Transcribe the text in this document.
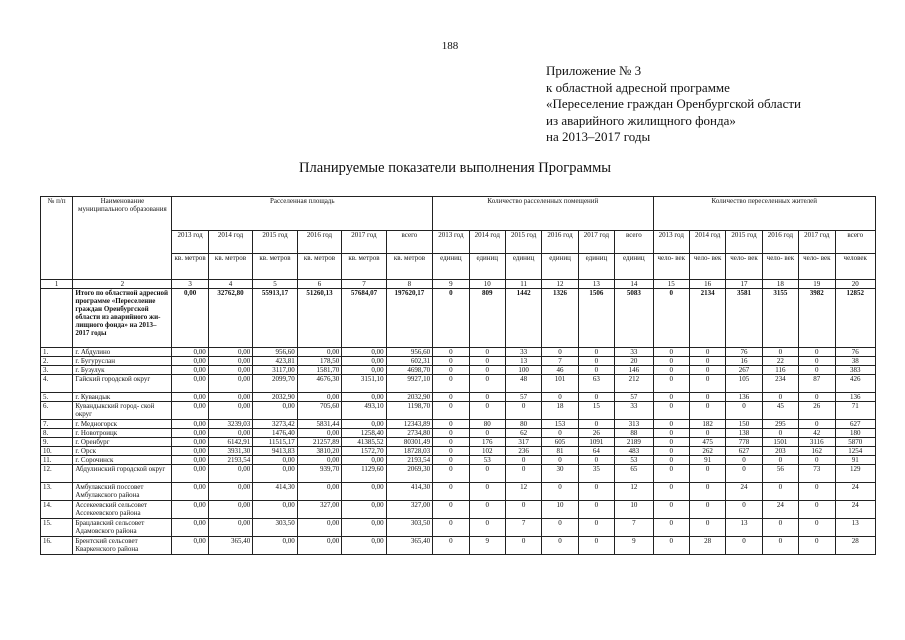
188
Приложение № 3
к областной адресной программе
«Переселение граждан Оренбургской области
из аварийного жилищного фонда»
на 2013–2017 годы
Планируемые показатели выполнения Программы
№ п/п	Наименование муниципального образования	Расселенная площадь						Количество расселенных помещений						Количество переселенных жителей					
		2013 год	2014 год	2015 год	2016 год	2017 год	всего	2013 год	2014 год	2015 год	2016 год	2017 год	всего	2013 год	2014 год	2015 год	2016 год	2017 год	всего
		кв. метров	кв. метров	кв. метров	кв. метров	кв. метров	кв. метров	единиц	единиц	единиц	единиц	единиц	единиц	чело- век	чело- век	чело- век	чело- век	чело- век	человек
1	2	3	4	5	6	7	8	9	10	11	12	13	14	15	16	17	18	19	20
	Итого по областной адресной программе «Переселение граждан Оренбургской области из аварийного жи- лищного фонда» на 2013–2017 годы	0,00	32762,80	55913,17	51260,13	57684,07	197620,17	0	809	1442	1326	1506	5083	0	2134	3581	3155	3982	12852
1.	г. Абдулино	0,00	0,00	956,60	0,00	0,00	956,60	0	0	33	0	0	33	0	0	76	0	0	76
2.	г. Бугуруслан	0,00	0,00	423,81	178,50	0,00	602,31	0	0	13	7	0	20	0	0	16	22	0	38
3.	г. Бузулук	0,00	0,00	3117,00	1581,70	0,00	4698,70	0	0	100	46	0	146	0	0	267	116	0	383
4.	Гайский городской округ	0,00	0,00	2099,70	4676,30	3151,10	9927,10	0	0	48	101	63	212	0	0	105	234	87	426
5.	г. Кувандык	0,00	0,00	2032,90	0,00	0,00	2032,90	0	0	57	0	0	57	0	0	136	0	0	136
6.	Кувандыкский город- ской округ	0,00	0,00	0,00	705,60	493,10	1198,70	0	0	0	18	15	33	0	0	0	45	26	71
7.	г. Медногорск	0,00	3239,03	3273,42	5831,44	0,00	12343,89	0	80	80	153	0	313	0	182	150	295	0	627
8.	г. Новотроицк	0,00	0,00	1476,40	0,00	1258,40	2734,80	0	0	62	0	26	88	0	0	138	0	42	180
9.	г. Оренбург	0,00	6142,91	11515,17	21257,89	41385,52	80301,49	0	176	317	605	1091	2189	0	475	778	1501	3116	5870
10.	г. Орск	0,00	3931,30	9413,83	3810,20	1572,70	18728,03	0	102	236	81	64	483	0	262	627	203	162	1254
11.	г. Сорочинск	0,00	2193,54	0,00	0,00	0,00	2193,54	0	53	0	0	0	53	0	91	0	0	0	91
12.	Абдулинский городской округ	0,00	0,00	0,00	939,70	1129,60	2069,30	0	0	0	30	35	65	0	0	0	56	73	129
13.	Амбулакский поссовет Амбулакского района	0,00	0,00	414,30	0,00	0,00	414,30	0	0	12	0	0	12	0	0	24	0	0	24
14.	Ассекеевский сельсовет Ассекеевского района	0,00	0,00	0,00	327,00	0,00	327,00	0	0	0	10	0	10	0	0	0	24	0	24
15.	Брацлавский сельсовет Адамовского района	0,00	0,00	303,50	0,00	0,00	303,50	0	0	7	0	0	7	0	0	13	0	0	13
16.	Брентский сельсовет Кваркенского района	0,00	365,40	0,00	0,00	0,00	365,40	0	9	0	0	0	9	0	28	0	0	0	28
